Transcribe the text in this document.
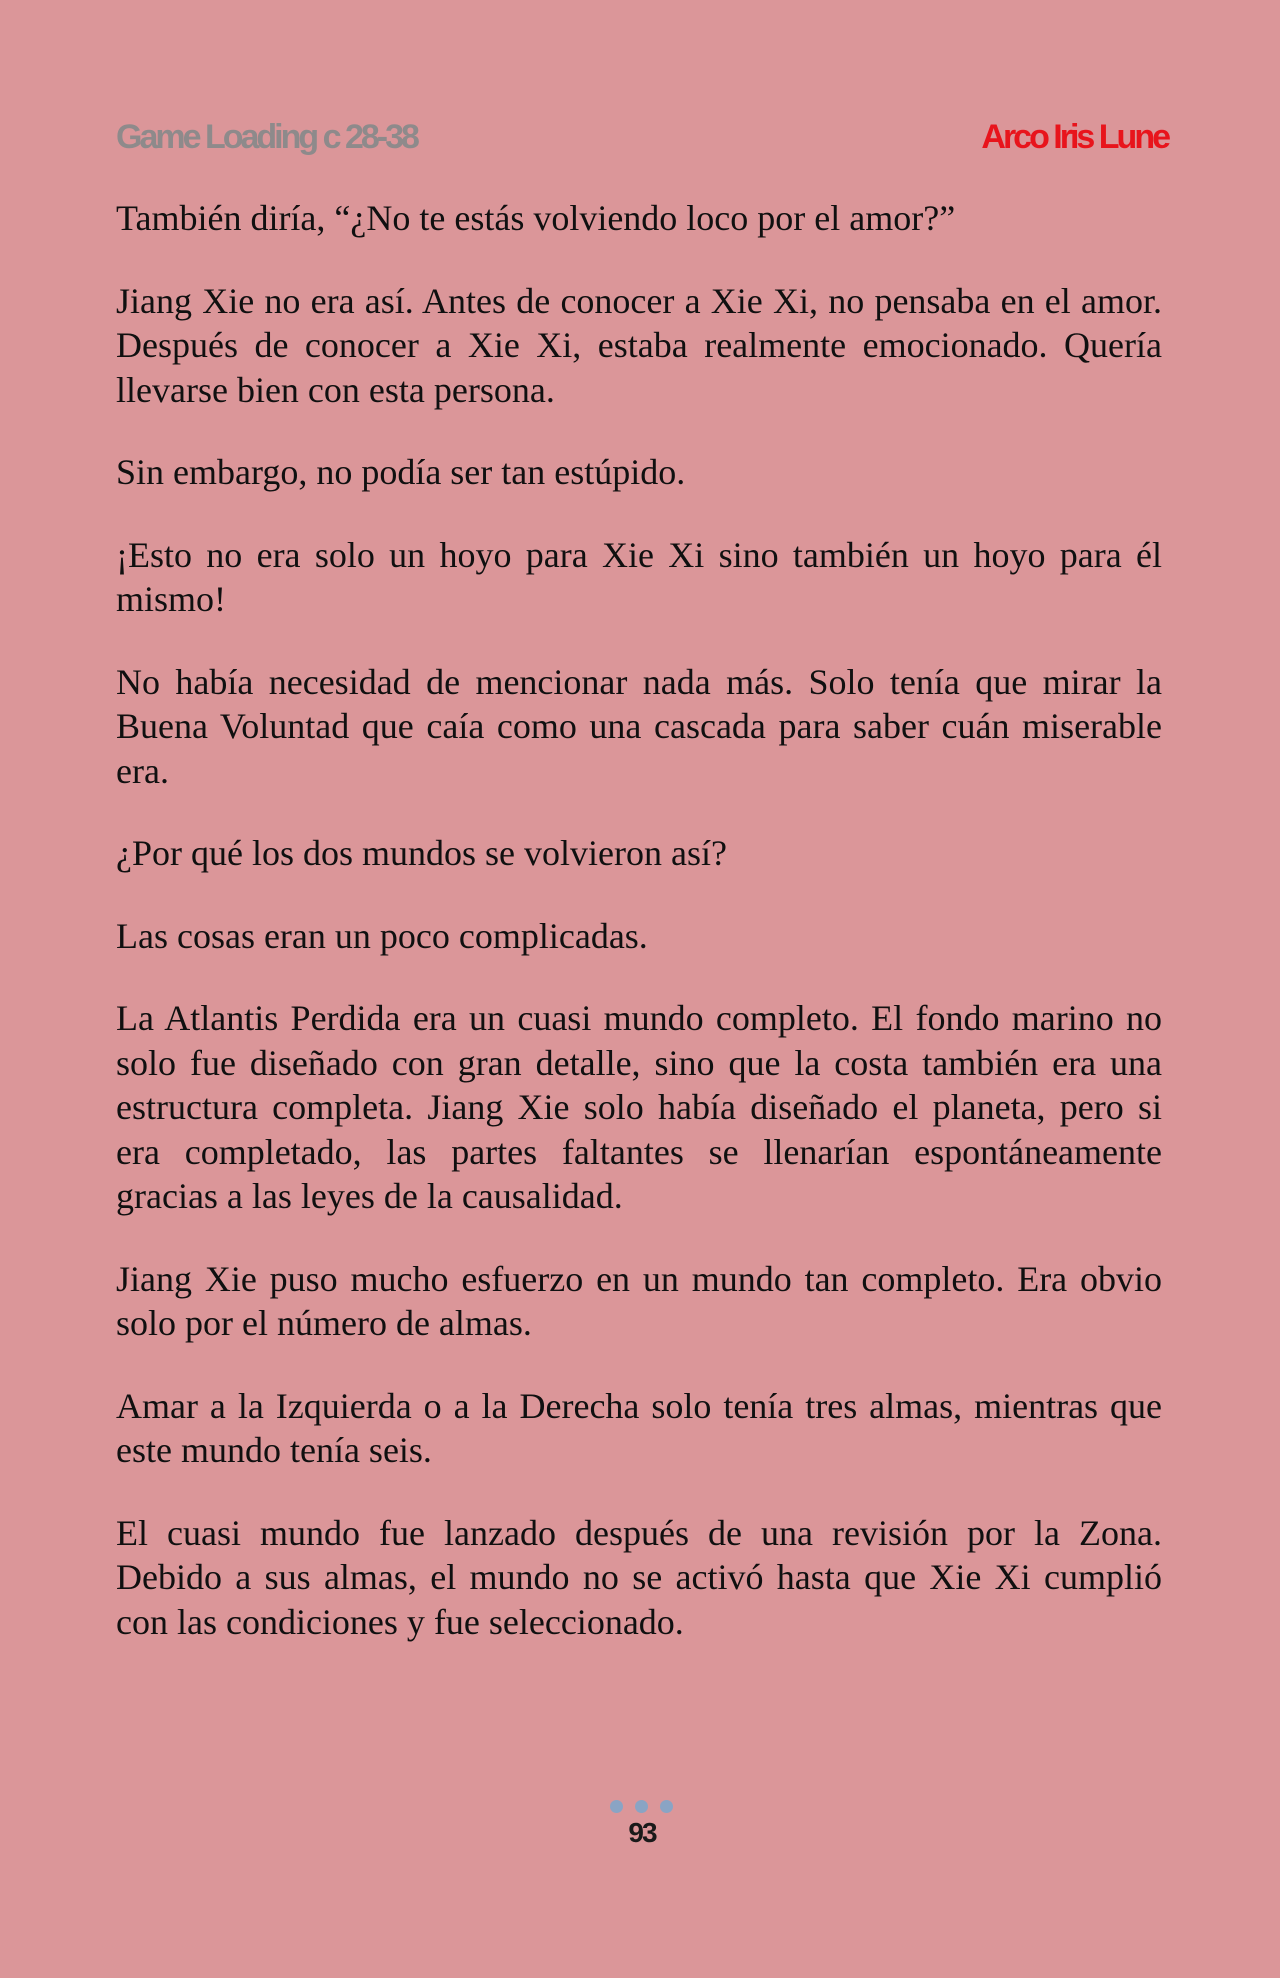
Game Loading c 28-38	Arco Iris Lune

También diría, “¿No te estás volviendo loco por el amor?”

Jiang Xie no era así. Antes de conocer a Xie Xi, no pensaba en el amor. Después de conocer a Xie Xi, estaba realmente emocionado. Quería llevarse bien con esta persona.

Sin embargo, no podía ser tan estúpido.

¡Esto no era solo un hoyo para Xie Xi sino también un hoyo para él mismo!

No había necesidad de mencionar nada más. Solo tenía que mirar la Buena Voluntad que caía como una cascada para saber cuán miserable era.

¿Por qué los dos mundos se volvieron así?

Las cosas eran un poco complicadas.

La Atlantis Perdida era un cuasi mundo completo. El fondo marino no solo fue diseñado con gran detalle, sino que la costa también era una estructura completa. Jiang Xie solo había diseñado el planeta, pero si era completado, las partes faltantes se llenarían espontáneamente gracias a las leyes de la causalidad.

Jiang Xie puso mucho esfuerzo en un mundo tan completo. Era obvio solo por el número de almas.

Amar a la Izquierda o a la Derecha solo tenía tres almas, mientras que este mundo tenía seis.

El cuasi mundo fue lanzado después de una revisión por la Zona. Debido a sus almas, el mundo no se activó hasta que Xie Xi cumplió con las condiciones y fue seleccionado.

93
